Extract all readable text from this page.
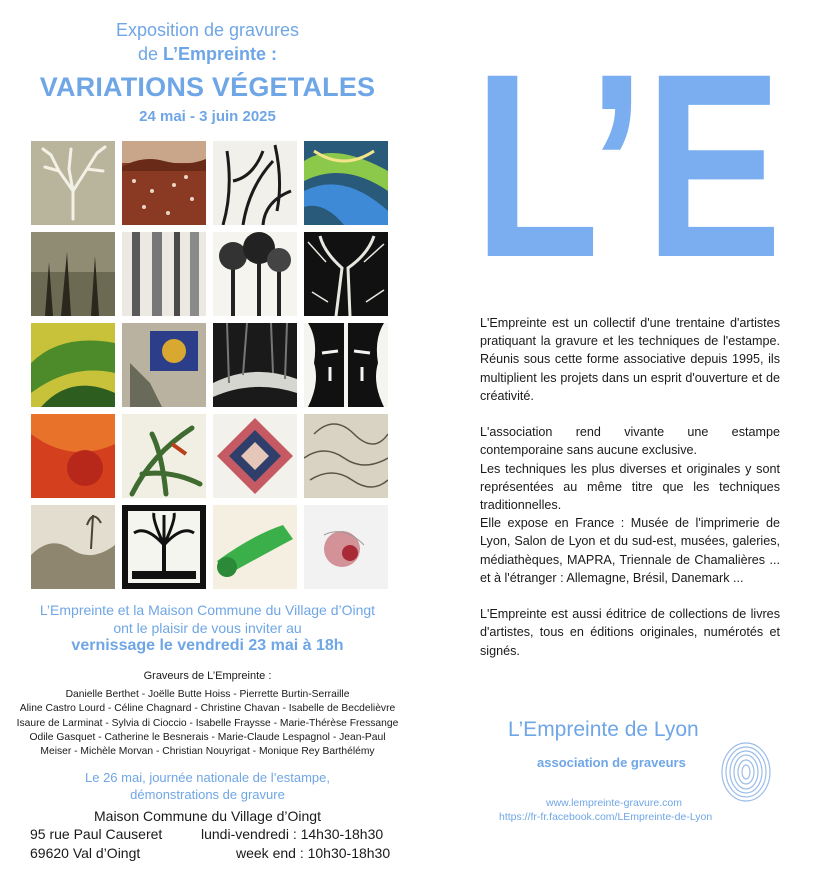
Exposition de gravures
de L’Empreinte :
VARIATIONS VÉGETALES
24 mai - 3 juin 2025
L’Empreinte et la Maison Commune du Village d’Oingt
ont le plaisir de vous inviter au
vernissage le vendredi 23 mai à 18h
Graveurs de L’Empreinte :
Danielle Berthet - Joëlle Butte Hoiss - Pierrette Burtin-Serraille
Aline Castro Lourd - Céline Chagnard - Christine Chavan - Isabelle de Becdelièvre
Isaure de Larminat - Sylvia di Cioccio - Isabelle Fraysse - Marie-Thérèse Fressange
Odile Gasquet - Catherine le Besnerais - Marie-Claude Lespagnol - Jean-Paul
Meiser - Michèle Morvan - Christian Nouyrigat - Monique Rey Barthélémy
Le 26 mai, journée nationale de l’estampe,
démonstrations de gravure
Maison Commune du Village d’Oingt
95 rue Paul Causeret
69620 Val d’Oingt
lundi-vendredi : 14h30-18h30
week end : 10h30-18h30
L’E

L'Empreinte est un collectif d'une trentaine d'artistes pratiquant la gravure et les techniques de l'estampe. Réunis sous cette forme associative depuis 1995, ils multiplient les projets dans un esprit d'ouverture et de créativité.

L'association rend vivante une estampe contemporaine sans aucune exclusive.

Les techniques les plus diverses et originales y sont représentées au même titre que les techniques traditionnelles.

Elle expose en France : Musée de l'imprimerie de Lyon, Salon de Lyon et du sud-est, musées, galeries, médiathèques, MAPRA, Triennale de Chamalières ... et à l'étranger : Allemagne, Brésil, Danemark ...

L'Empreinte est aussi éditrice de collections de livres d'artistes, tous en éditions originales, numérotés et signés.

L’Empreinte de Lyon
association de graveurs
www.lempreinte-gravure.com
https://fr-fr.facebook.com/LEmpreinte-de-Lyon
